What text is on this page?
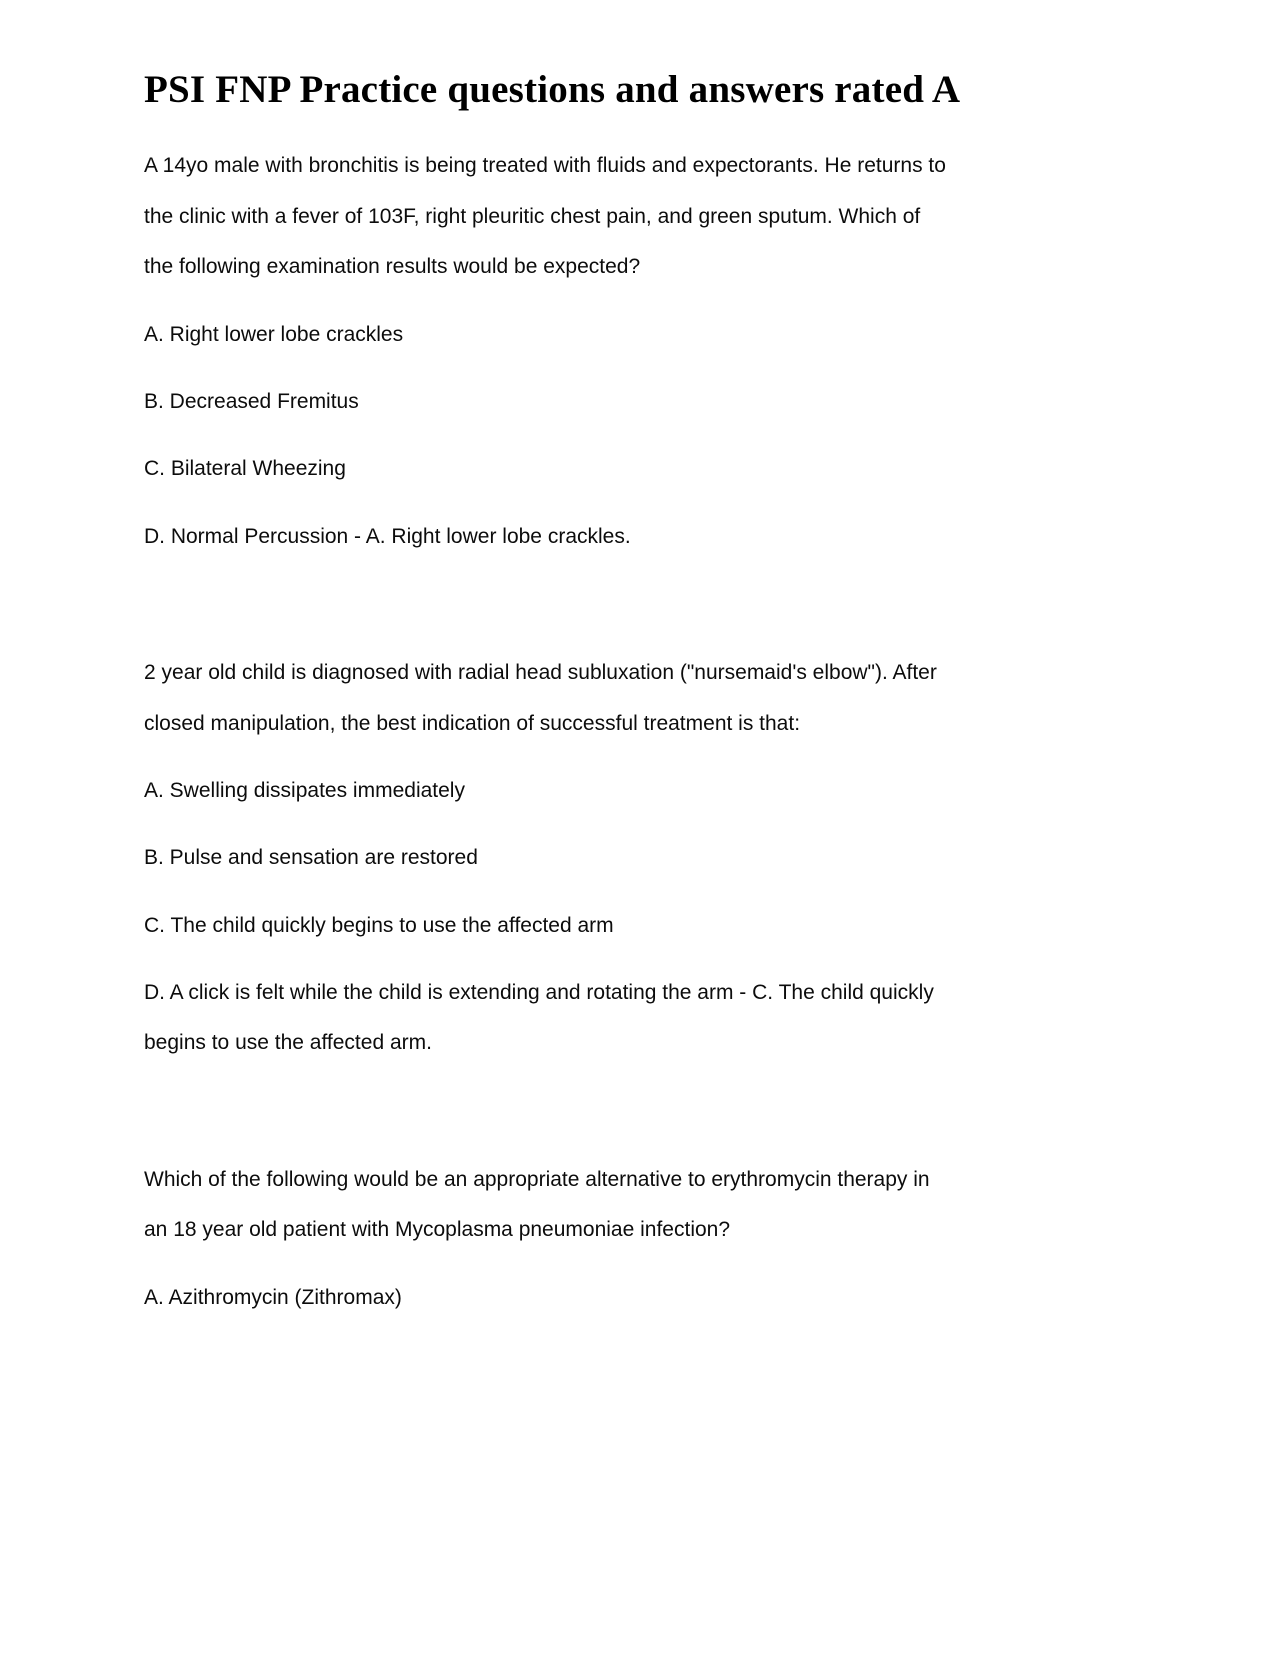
PSI FNP Practice questions and answers rated A

A 14yo male with bronchitis is being treated with fluids and expectorants. He returns to the clinic with a fever of 103F, right pleuritic chest pain, and green sputum. Which of the following examination results would be expected?

A. Right lower lobe crackles

B. Decreased Fremitus

C. Bilateral Wheezing

D. Normal Percussion - A. Right lower lobe crackles.

2 year old child is diagnosed with radial head subluxation ("nursemaid's elbow"). After closed manipulation, the best indication of successful treatment is that:

A. Swelling dissipates immediately

B. Pulse and sensation are restored

C. The child quickly begins to use the affected arm

D. A click is felt while the child is extending and rotating the arm - C. The child quickly begins to use the affected arm.

Which of the following would be an appropriate alternative to erythromycin therapy in an 18 year old patient with Mycoplasma pneumoniae infection?

A. Azithromycin (Zithromax)
